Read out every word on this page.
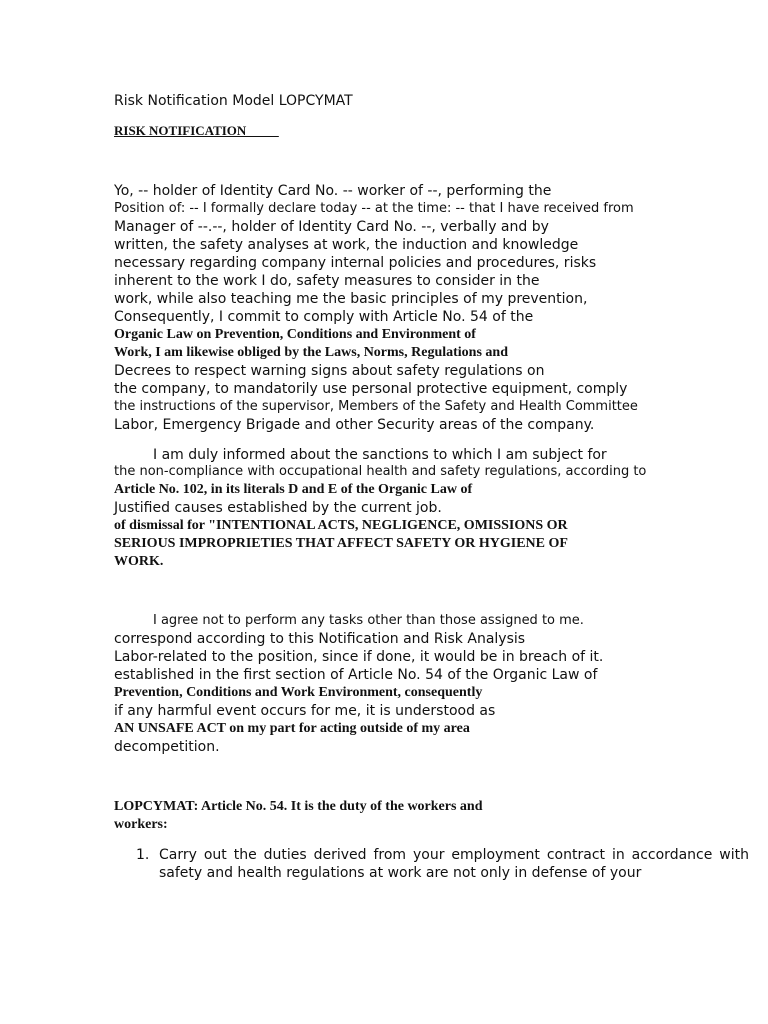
Risk Notification Model LOPCYMAT
RISK NOTIFICATION
Yo, -- holder of Identity Card No. -- worker of --, performing the
Position of: -- I formally declare today -- at the time: -- that I have received from
Manager of --.--, holder of Identity Card No. --, verbally and by
written, the safety analyses at work, the induction and knowledge
necessary regarding company internal policies and procedures, risks
inherent to the work I do, safety measures to consider in the
work, while also teaching me the basic principles of my prevention,
Consequently, I commit to comply with Article No. 54 of the
Organic Law on Prevention, Conditions and Environment of
Work, I am likewise obliged by the Laws, Norms, Regulations and
Decrees to respect warning signs about safety regulations on
the company, to mandatorily use personal protective equipment, comply
the instructions of the supervisor, Members of the Safety and Health Committee
Labor, Emergency Brigade and other Security areas of the company.
I am duly informed about the sanctions to which I am subject for
the non-compliance with occupational health and safety regulations, according to
Article No. 102, in its literals D and E of the Organic Law of
Justified causes established by the current job.
of dismissal for "INTENTIONAL ACTS, NEGLIGENCE, OMISSIONS OR
SERIOUS IMPROPRIETIES THAT AFFECT SAFETY OR HYGIENE OF
WORK.
I agree not to perform any tasks other than those assigned to me.
correspond according to this Notification and Risk Analysis
Labor-related to the position, since if done, it would be in breach of it.
established in the first section of Article No. 54 of the Organic Law of
Prevention, Conditions and Work Environment, consequently
if any harmful event occurs for me, it is understood as
AN UNSAFE ACT on my part for acting outside of my area
decompetition.
LOPCYMAT: Article No. 54. It is the duty of the workers and
workers:
1. Carry out the duties derived from your employment contract in accordance with
safety and health regulations at work are not only in defense of your
